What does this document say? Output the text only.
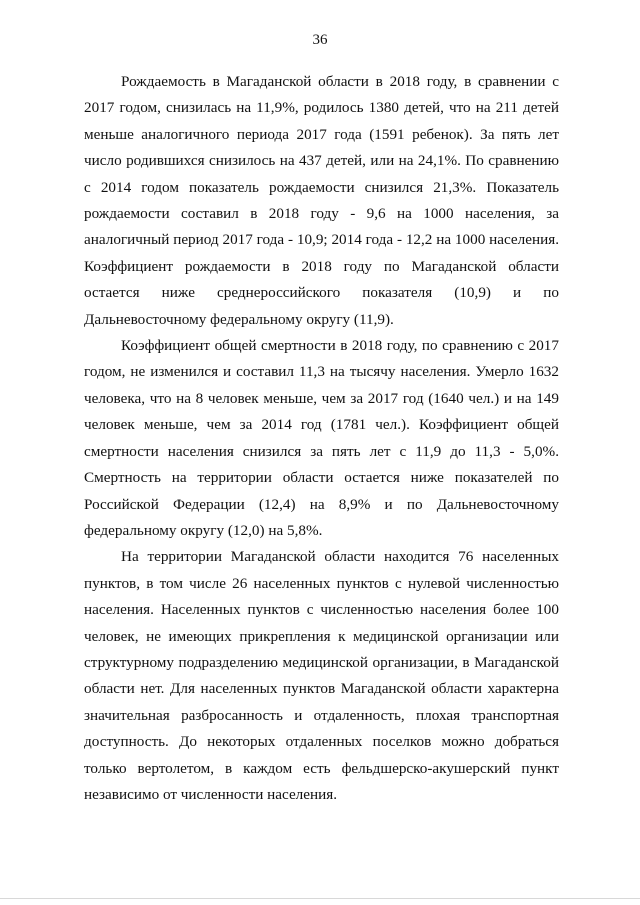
36

Рождаемость в Магаданской области в 2018 году, в сравнении с 2017 годом, снизилась на 11,9%, родилось 1380 детей, что на 211 детей меньше аналогичного периода 2017 года (1591 ребенок). За пять лет число родившихся снизилось на 437 детей, или на 24,1%. По сравнению с 2014 годом показатель рождаемости снизился 21,3%. Показатель рождаемости составил в 2018 году - 9,6 на 1000 населения, за аналогичный период 2017 года - 10,9; 2014 года - 12,2 на 1000 населения. Коэффициент рождаемости в 2018 году по Магаданской области остается ниже среднероссийского показателя (10,9) и по Дальневосточному федеральному округу (11,9).

Коэффициент общей смертности в 2018 году, по сравнению с 2017 годом, не изменился и составил 11,3 на тысячу населения. Умерло 1632 человека, что на 8 человек меньше, чем за 2017 год (1640 чел.) и на 149 человек меньше, чем за 2014 год (1781 чел.). Коэффициент общей смертности населения снизился за пять лет с 11,9 до 11,3 - 5,0%. Смертность на территории области остается ниже показателей по Российской Федерации (12,4) на 8,9% и по Дальневосточному федеральному округу (12,0) на 5,8%.

На территории Магаданской области находится 76 населенных пунктов, в том числе 26 населенных пунктов с нулевой численностью населения. Населенных пунктов с численностью населения более 100 человек, не имеющих прикрепления к медицинской организации или структурному подразделению медицинской организации, в Магаданской области нет. Для населенных пунктов Магаданской области характерна значительная разбросанность и отдаленность, плохая транспортная доступность. До некоторых отдаленных поселков можно добраться только вертолетом, в каждом есть фельдшерско-акушерский пункт независимо от численности населения.
